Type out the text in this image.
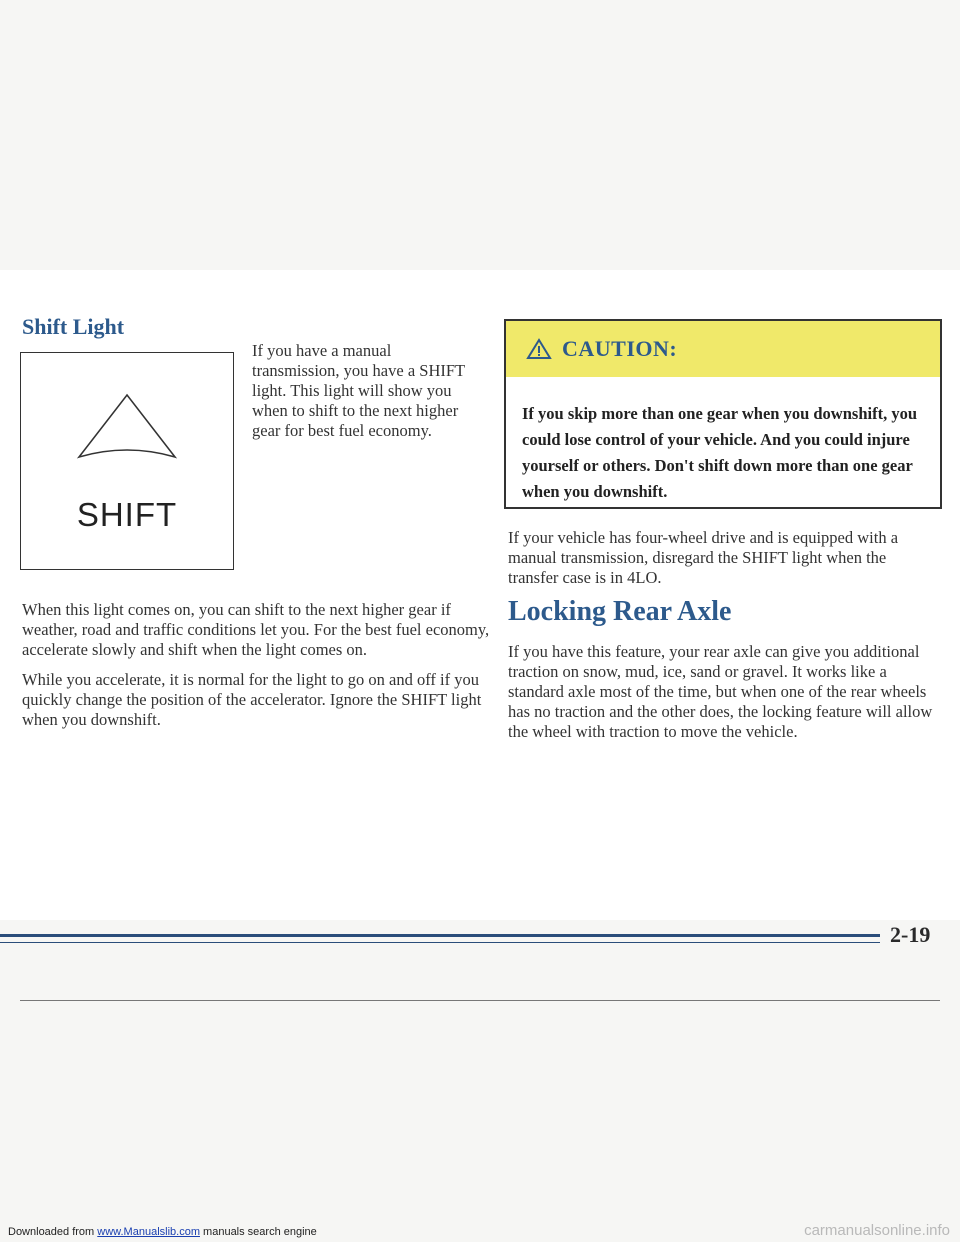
Shift Light
SHIFT

If you have a manual transmission, you have a SHIFT light. This light will show you when to shift to the next higher gear for best fuel economy.

When this light comes on, you can shift to the next higher gear if weather, road and traffic conditions let you. For the best fuel economy, accelerate slowly and shift when the light comes on.

While you accelerate, it is normal for the light to go on and off if you quickly change the position of the accelerator. Ignore the SHIFT light when you downshift.

CAUTION:
If you skip more than one gear when you downshift, you could lose control of your vehicle. And you could injure yourself or others. Don't shift down more than one gear when you downshift.

If your vehicle has four-wheel drive and is equipped with a manual transmission, disregard the SHIFT light when the transfer case is in 4LO.

Locking Rear Axle

If you have this feature, your rear axle can give you additional traction on snow, mud, ice, sand or gravel. It works like a standard axle most of the time, but when one of the rear wheels has no traction and the other does, the locking feature will allow the wheel with traction to move the vehicle.

2-19
Downloaded from www.Manualslib.com manuals search engine	carmanualsonline.info
